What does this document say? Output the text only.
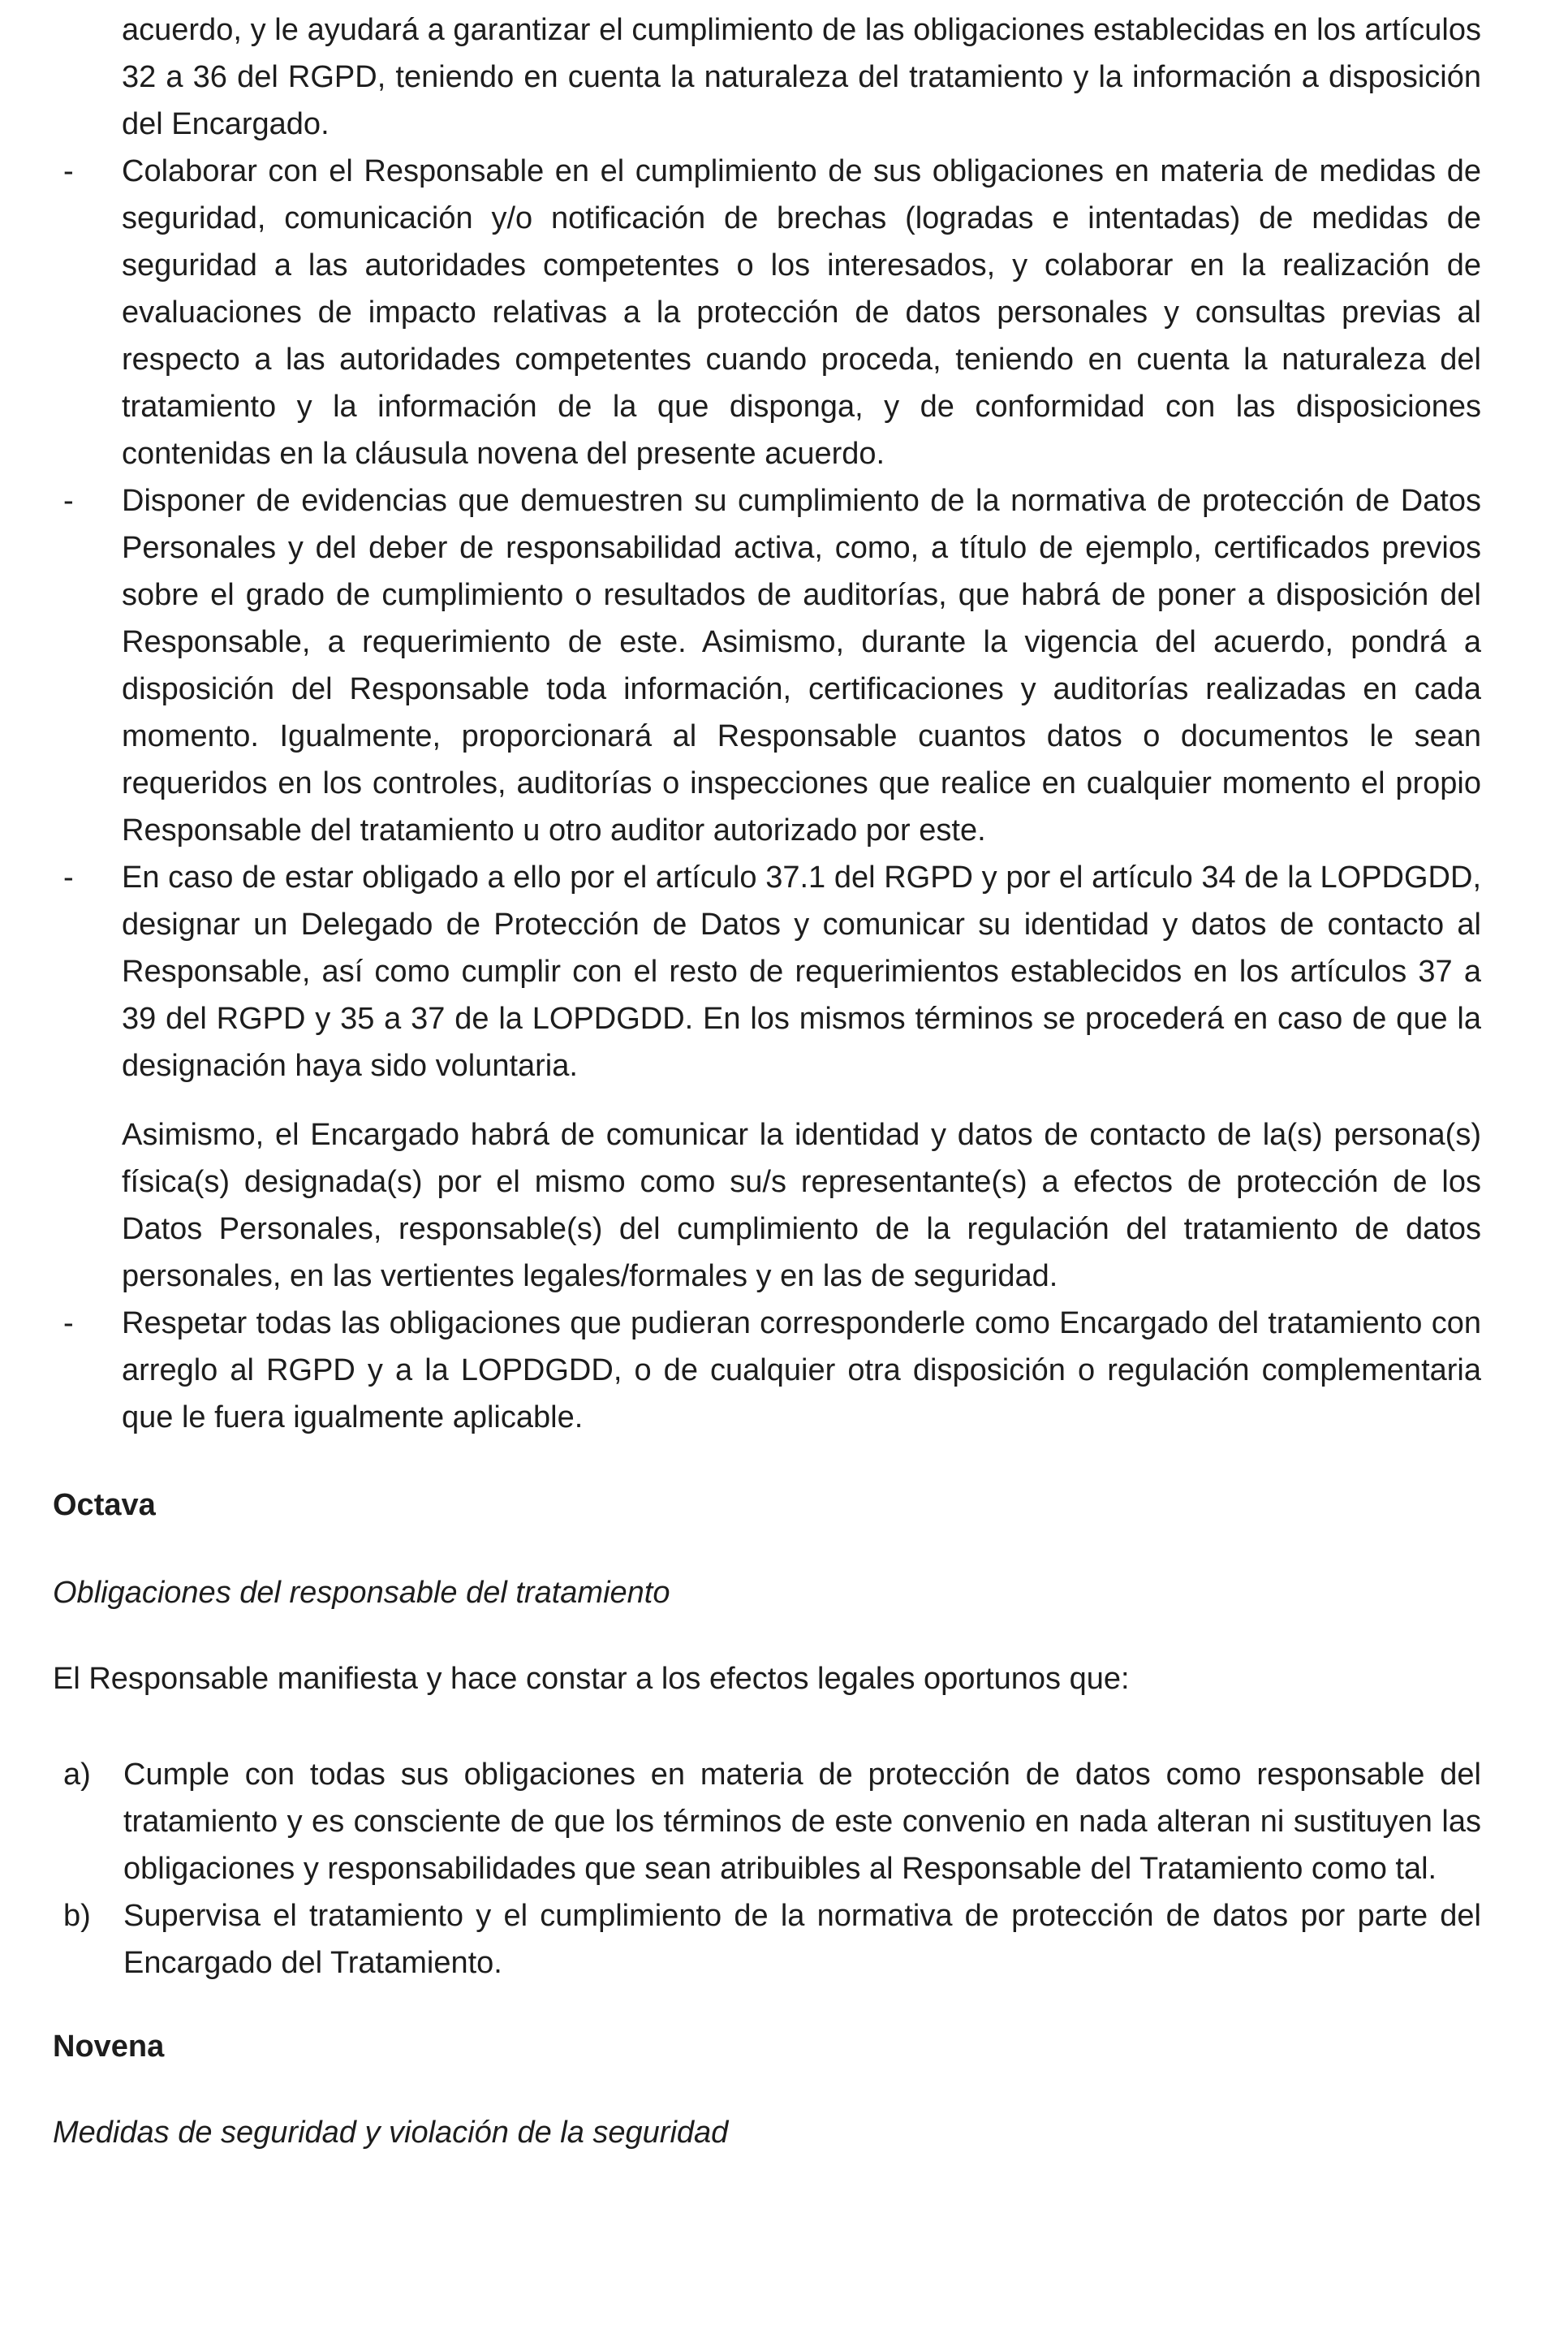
acuerdo, y le ayudará a garantizar el cumplimiento de las obligaciones establecidas en los artículos 32 a 36 del RGPD, teniendo en cuenta la naturaleza del tratamiento y la información a disposición del Encargado.

-	Colaborar con el Responsable en el cumplimiento de sus obligaciones en materia de medidas de seguridad, comunicación y/o notificación de brechas (logradas e intentadas) de medidas de seguridad a las autoridades competentes o los interesados, y colaborar en la realización de evaluaciones de impacto relativas a la protección de datos personales y consultas previas al respecto a las autoridades competentes cuando proceda, teniendo en cuenta la naturaleza del tratamiento y la información de la que disponga, y de conformidad con las disposiciones contenidas en la cláusula novena del presente acuerdo.

-	Disponer de evidencias que demuestren su cumplimiento de la normativa de protección de Datos Personales y del deber de responsabilidad activa, como, a título de ejemplo, certificados previos sobre el grado de cumplimiento o resultados de auditorías, que habrá de poner a disposición del Responsable, a requerimiento de este. Asimismo, durante la vigencia del acuerdo, pondrá a disposición del Responsable toda información, certificaciones y auditorías realizadas en cada momento. Igualmente, proporcionará al Responsable cuantos datos o documentos le sean requeridos en los controles, auditorías o inspecciones que realice en cualquier momento el propio Responsable del tratamiento u otro auditor autorizado por este.

-	En caso de estar obligado a ello por el artículo 37.1 del RGPD y por el artículo 34 de la LOPDGDD, designar un Delegado de Protección de Datos y comunicar su identidad y datos de contacto al Responsable, así como cumplir con el resto de requerimientos establecidos en los artículos 37 a 39 del RGPD y 35 a 37 de la LOPDGDD. En los mismos términos se procederá en caso de que la designación haya sido voluntaria.

Asimismo, el Encargado habrá de comunicar la identidad y datos de contacto de la(s) persona(s) física(s) designada(s) por el mismo como su/s representante(s) a efectos de protección de los Datos Personales, responsable(s) del cumplimiento de la regulación del tratamiento de datos personales, en las vertientes legales/formales y en las de seguridad.

-	Respetar todas las obligaciones que pudieran corresponderle como Encargado del tratamiento con arreglo al RGPD y a la LOPDGDD, o de cualquier otra disposición o regulación complementaria que le fuera igualmente aplicable.

Octava

Obligaciones del responsable del tratamiento

El Responsable manifiesta y hace constar a los efectos legales oportunos que:

a)	Cumple con todas sus obligaciones en materia de protección de datos como responsable del tratamiento y es consciente de que los términos de este convenio en nada alteran ni sustituyen las obligaciones y responsabilidades que sean atribuibles al Responsable del Tratamiento como tal.

b)	Supervisa el tratamiento y el cumplimiento de la normativa de protección de datos por parte del Encargado del Tratamiento.

Novena

Medidas de seguridad y violación de la seguridad
